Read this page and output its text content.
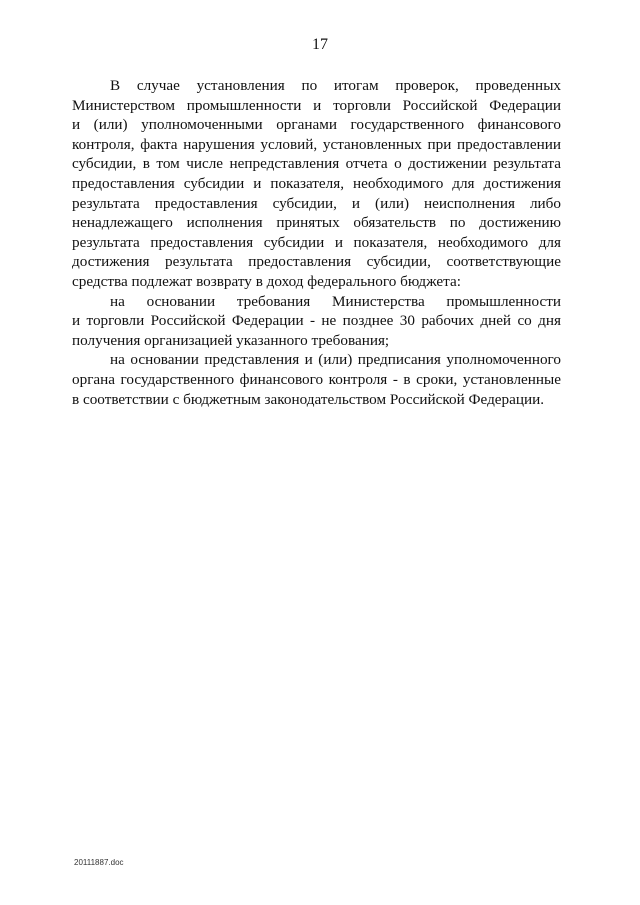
17
В случае установления по итогам проверок, проведенных
Министерством промышленности и торговли Российской Федерации
и (или) уполномоченными органами государственного финансового
контроля, факта нарушения условий, установленных при предоставлении
субсидии, в том числе непредставления отчета о достижении результата
предоставления субсидии и показателя, необходимого для достижения
результата предоставления субсидии, и (или) неисполнения либо
ненадлежащего исполнения принятых обязательств по достижению
результата предоставления субсидии и показателя, необходимого для
достижения результата предоставления субсидии, соответствующие
средства подлежат возврату в доход федерального бюджета:
на основании требования Министерства промышленности
и торговли Российской Федерации - не позднее 30 рабочих дней со дня
получения организацией указанного требования;
на основании представления и (или) предписания уполномоченного
органа государственного финансового контроля - в сроки, установленные
в соответствии с бюджетным законодательством Российской Федерации.
20111887.doc
